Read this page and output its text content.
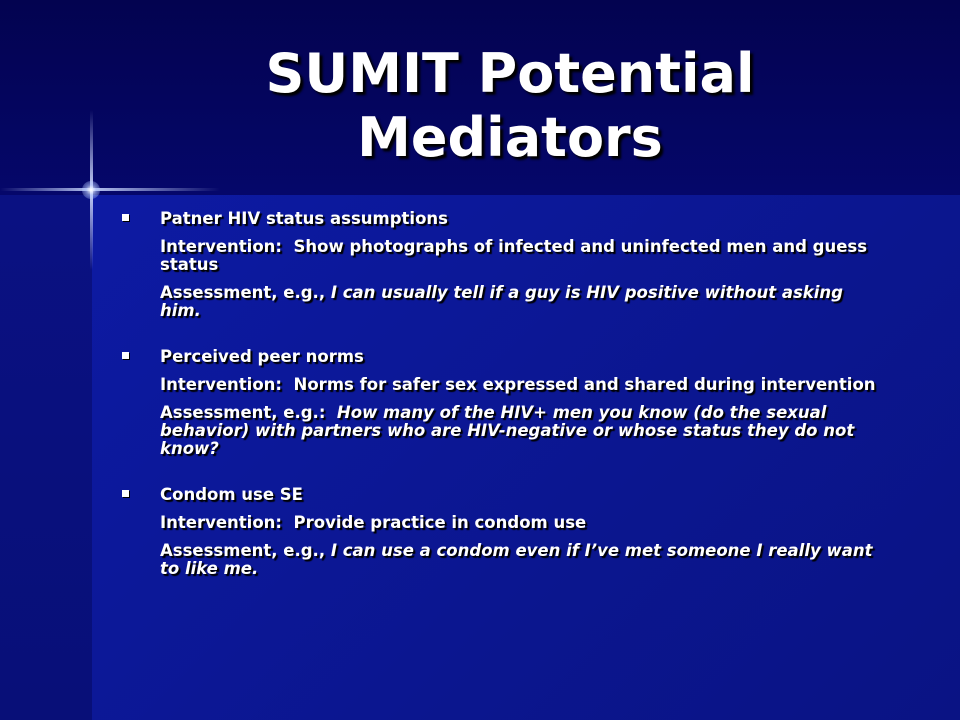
SUMIT Potential
Mediators
Patner HIV status assumptions
Intervention: Show photographs of infected and uninfected men and guess status
Assessment, e.g., I can usually tell if a guy is HIV positive without asking him.
Perceived peer norms
Intervention: Norms for safer sex expressed and shared during intervention
Assessment, e.g.: How many of the HIV+ men you know (do the sexual behavior) with partners who are HIV-negative or whose status they do not know?
Condom use SE
Intervention: Provide practice in condom use
Assessment, e.g., I can use a condom even if I’ve met someone I really want to like me.
